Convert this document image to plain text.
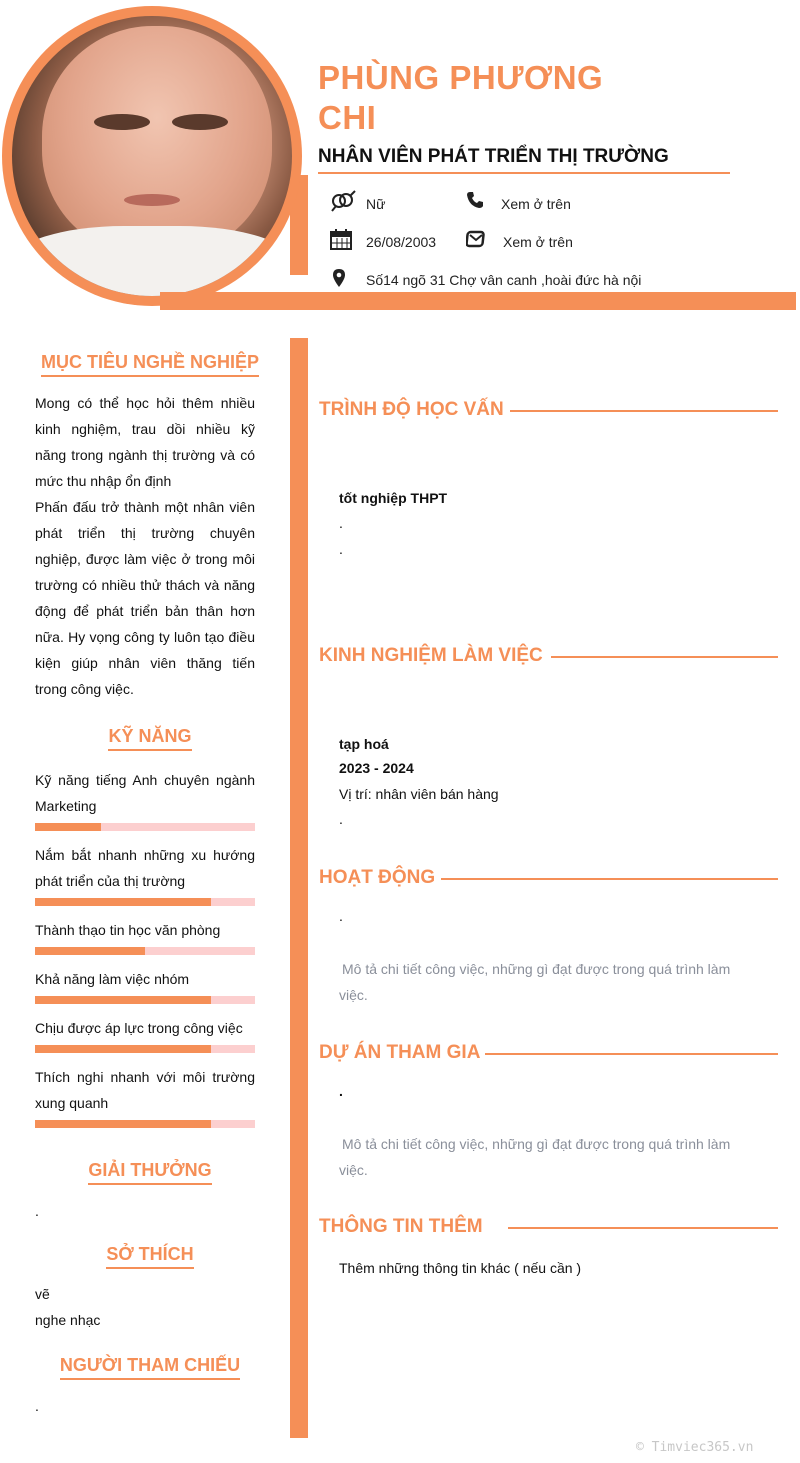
PHÙNG PHƯƠNG
CHI
NHÂN VIÊN PHÁT TRIỂN THỊ TRƯỜNG
Nữ	Xem ở trên
26/08/2003	Xem ở trên
Số14 ngõ 31 Chợ vân canh ,hoài đức hà nội
MỤC TIÊU NGHỀ NGHIỆP
Mong có thể học hỏi thêm nhiều kinh nghiệm, trau dồi nhiều kỹ năng trong ngành thị trường và có mức thu nhập ổn định
Phấn đấu trở thành một nhân viên phát triển thị trường chuyên nghiệp, được làm việc ở trong môi trường có nhiều thử thách và năng động để phát triển bản thân hơn nữa. Hy vọng công ty luôn tạo điều kiện giúp nhân viên thăng tiến trong công việc.
KỸ NĂNG
Kỹ năng tiếng Anh chuyên ngành Marketing
Nắm bắt nhanh những xu hướng phát triển của thị trường
Thành thạo tin học văn phòng
Khả năng làm việc nhóm
Chịu được áp lực trong công việc
Thích nghi nhanh với môi trường xung quanh
GIẢI THƯỞNG
.
SỞ THÍCH
vẽ
nghe nhạc
NGƯỜI THAM CHIẾU
.
TRÌNH ĐỘ HỌC VẤN
tốt nghiệp THPT
.
.
KINH NGHIỆM LÀM VIỆC
tạp hoá
2023 - 2024
Vị trí: nhân viên bán hàng
.
HOẠT ĐỘNG
.
Mô tả chi tiết công việc, những gì đạt được trong quá trình làm việc.
DỰ ÁN THAM GIA
.
Mô tả chi tiết công việc, những gì đạt được trong quá trình làm việc.
THÔNG TIN THÊM
Thêm những thông tin khác ( nếu cần )
© Timviec365.vn
